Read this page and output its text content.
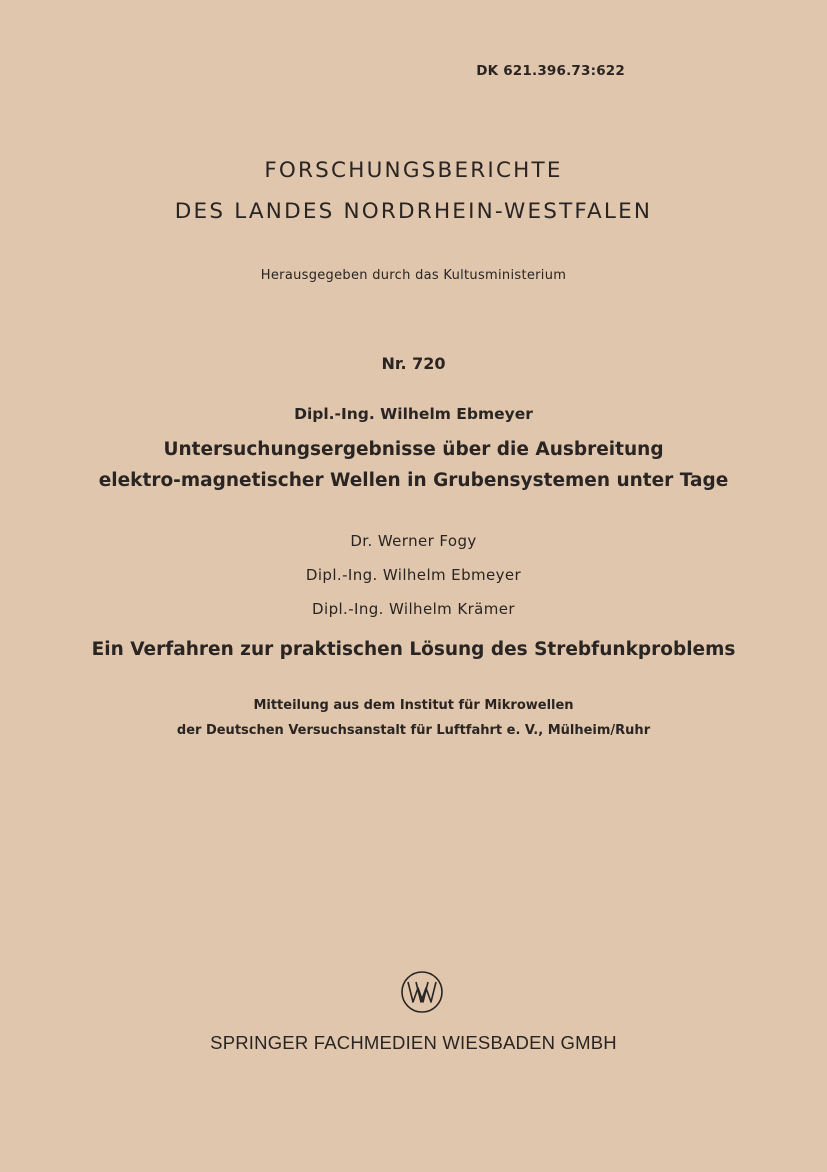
DK 621.396.73:622
FORSCHUNGSBERICHTE
DES LANDES NORDRHEIN-WESTFALEN
Herausgegeben durch das Kultusministerium
Nr. 720
Dipl.-Ing. Wilhelm Ebmeyer
Untersuchungsergebnisse über die Ausbreitung
elektro-magnetischer Wellen in Grubensystemen unter Tage
Dr. Werner Fogy
Dipl.-Ing. Wilhelm Ebmeyer
Dipl.-Ing. Wilhelm Krämer
Ein Verfahren zur praktischen Lösung des Strebfunkproblems
Mitteilung aus dem Institut für Mikrowellen
der Deutschen Versuchsanstalt für Luftfahrt e. V., Mülheim/Ruhr
SPRINGER FACHMEDIEN WIESBADEN GMBH
